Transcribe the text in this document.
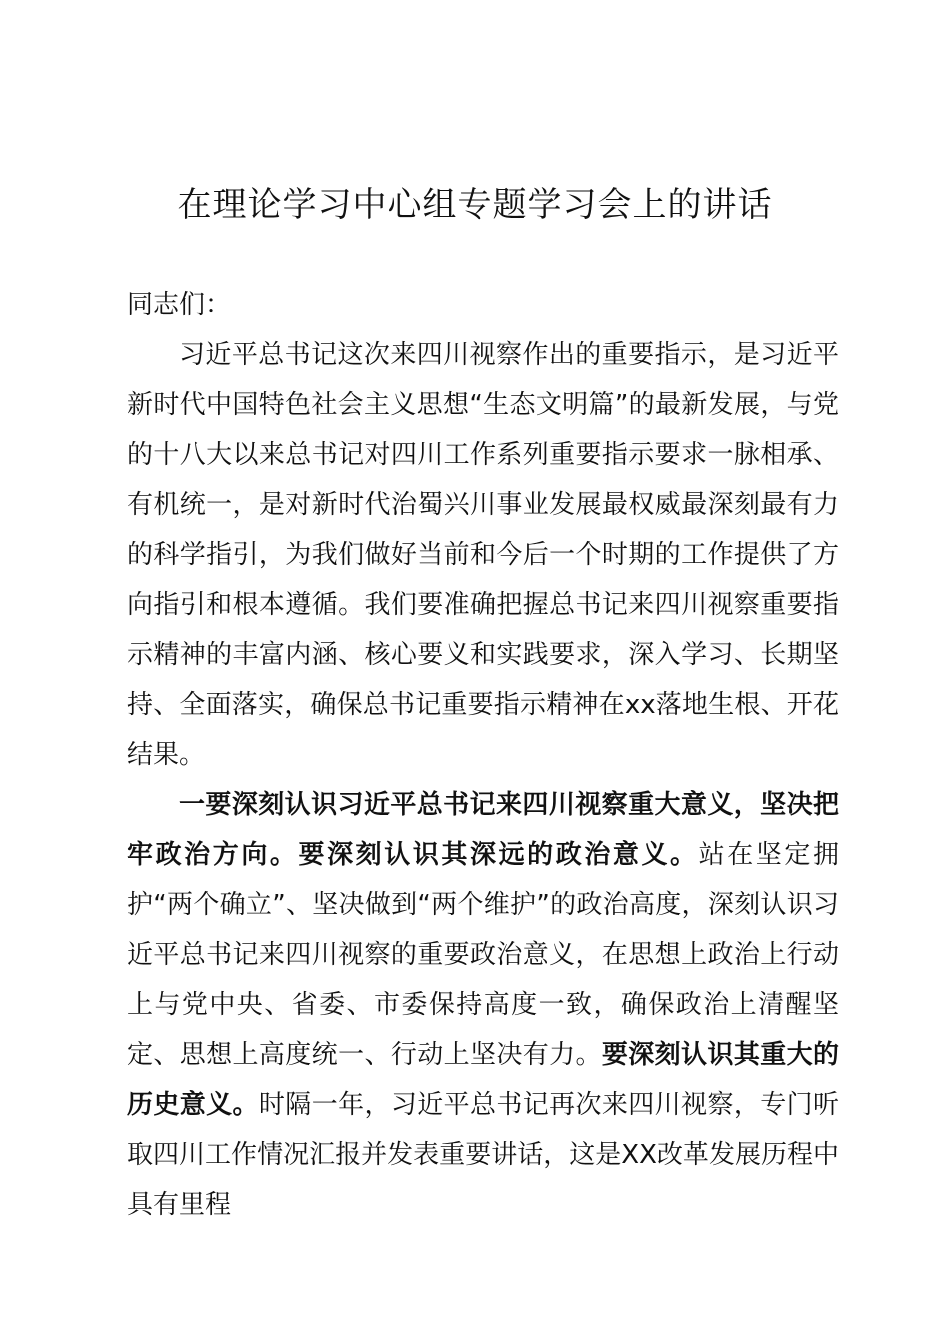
在理论学习中心组专题学习会上的讲话

同志们：

习近平总书记这次来四川视察作出的重要指示，是习近平新时代中国特色社会主义思想“生态文明篇”的最新发展，与党的十八大以来总书记对四川工作系列重要指示要求一脉相承、有机统一，是对新时代治蜀兴川事业发展最权威最深刻最有力的科学指引，为我们做好当前和今后一个时期的工作提供了方向指引和根本遵循。我们要准确把握总书记来四川视察重要指示精神的丰富内涵、核心要义和实践要求，深入学习、长期坚持、全面落实，确保总书记重要指示精神在xx落地生根、开花结果。

一要深刻认识习近平总书记来四川视察重大意义，坚决把牢政治方向。要深刻认识其深远的政治意义。站在坚定拥护“两个确立”、坚决做到“两个维护”的政治高度，深刻认识习近平总书记来四川视察的重要政治意义，在思想上政治上行动上与党中央、省委、市委保持高度一致，确保政治上清醒坚定、思想上高度统一、行动上坚决有力。要深刻认识其重大的历史意义。时隔一年，习近平总书记再次来四川视察，专门听取四川工作情况汇报并发表重要讲话，这是XX改革发展历程中具有里程
